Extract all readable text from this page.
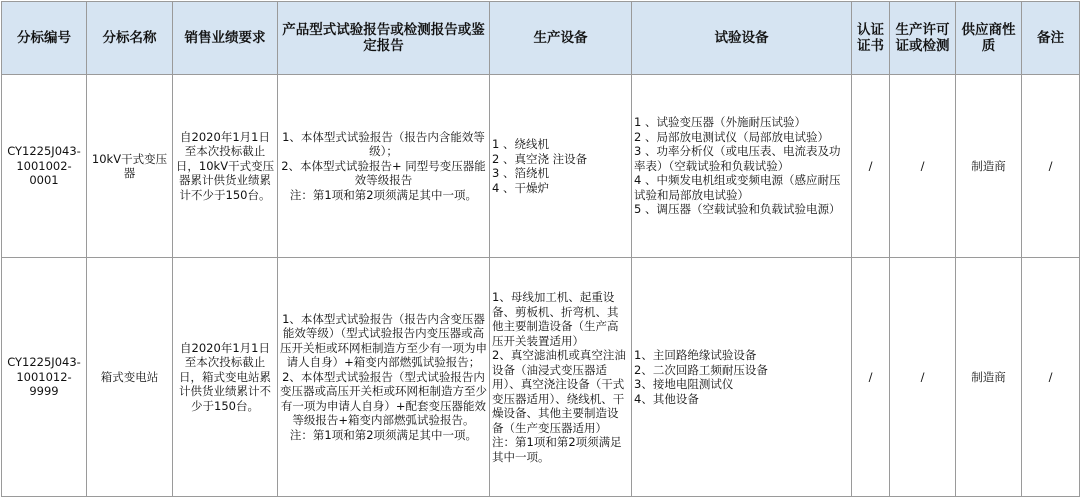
分标编号	分标名称	销售业绩要求	产品型式试验报告或检测报告或鉴定报告	生产设备	试验设备	认证证书	生产许可证或检测	供应商性质	备注
CY1225J043-1001002-0001	10kV干式变压器	自2020年1月1日至本次投标截止日，10kV干式变压器累计供货业绩累计不少于150台。	1、本体型式试验报告（报告内含能效等级）；
2、本体型式试验报告+ 同型号变压器能效等级报告
注：第1项和第2项须满足其中一项。	1 、绕线机
2 、真空浇 注设备
3 、箔绕机
4 、干燥炉	1 、试验变压器（外施耐压试验）
2 、局部放电测试仪（局部放电试验）
3 、功率分析仪（或电压表、电流表及功率表）（空载试验和负载试验）
4 、中频发电机组或变频电源（感应耐压试验和局部放电试验）
5 、调压器（空载试验和负载试验电源）	/	/	制造商	/
CY1225J043-1001012-9999	箱式变电站	自2020年1月1日至本次投标截止日，箱式变电站累计供货业绩累计不少于150台。	1、本体型式试验报告（报告内含变压器能效等级）（型式试验报告内变压器或高压开关柜或环网柜制造方至少有一项为申请人自身）+箱变内部燃弧试验报告；
2、本体型式试验报告（型式试验报告内变压器或高压开关柜或环网柜制造方至少有一项为申请人自身）+配套变压器能效等级报告+箱变内部燃弧试验报告。
注：第1项和第2项须满足其中一项。	1、母线加工机、起重设备、剪板机、折弯机、其他主要制造设备（生产高压开关装置适用）
2、真空滤油机或真空注油设备（油浸式变压器适用）、真空浇注设备（干式变压器适用）、绕线机、干燥设备、其他主要制造设备（生产变压器适用）注：第1项和第2项须满足其中一项。	1、主回路绝缘试验设备
2、二次回路工频耐压设备
3、接地电阻测试仪
4、其他设备	/	/	制造商	/
